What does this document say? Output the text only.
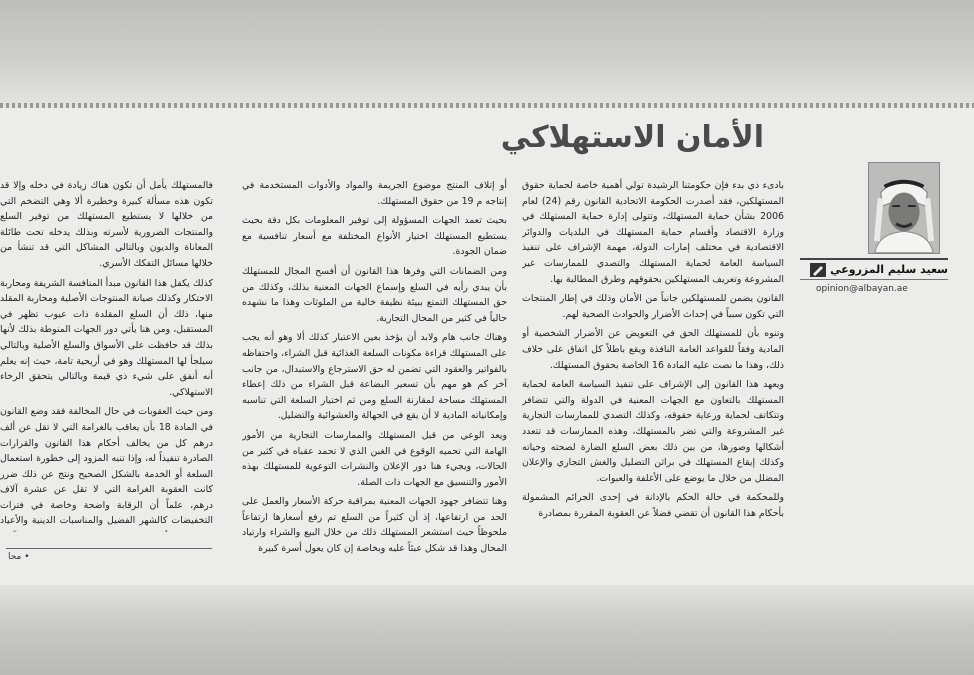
الأمان الاستهلاكي
سعيد سليم المزروعي

opinion@albayan.ae

بادىء ذي بدء فإن حكومتنا الرشيدة تولي أهمية خاصة لحماية حقوق المستهلكين، فقد أصدرت الحكومة الاتحادية القانون رقم (24) لعام 2006 بشأن حماية المستهلك، وتتولى إدارة حماية المستهلك في وزارة الاقتصاد وأقسام حماية المستهلك في البلديات والدوائر الاقتصادية في مختلف إمارات الدولة، مهمة الإشراف على تنفيذ السياسة العامة لحماية المستهلك والتصدي للممارسات غير المشروعة وتعريف المستهلكين بحقوقهم وطرق المطالبة بها.

القانون يضمن للمستهلكين جانباً من الأمان وذلك في إطار المنتجات التي تكون سبباً في إحداث الأضرار والحوادث الصحية لهم.

وتنوه بأن للمستهلك الحق في التعويض عن الأضرار الشخصية أو المادية وفقاً للقواعد العامة النافذة ويقع باطلاً كل اتفاق على خلاف ذلك، وهذا ما نصت عليه المادة 16 الخاصة بحقوق المستهلك.

ويعهد هذا القانون إلى الإشراف على تنفيذ السياسة العامة لحماية المستهلك بالتعاون مع الجهات المعنية في الدولة والتي تتضافر وتتكاتف لحماية ورعاية حقوقه، وكذلك التصدي للممارسات التجارية غير المشروعة والتي تضر بالمستهلك، وهذه الممارسات قد تتعدد أشكالها وصورها، من بين ذلك بعض السلع الضارة لصحته وحياته وكذلك إيقاع المستهلك في براثن التضليل والغش التجاري والإعلان المضلل من خلال ما يوضع على الأغلفة والعبوات.

وللمحكمة في حالة الحكم بالإدانة في إحدى الجرائم المشمولة بأحكام هذا القانون أن تقضي فضلاً عن العقوبة المقررة بمصادرة

أو إتلاف المنتج موضوع الجريمة والمواد والأدوات المستخدمة في إنتاجه م 19 من حقوق المستهلك.

بحيث تعمد الجهات المسؤولة إلى توفير المعلومات بكل دقة بحيث يستطيع المستهلك اختيار الأنواع المختلفة مع أسعار تنافسية مع ضمان الجودة.

ومن الضمانات التي وفرها هذا القانون أن أفسح المجال للمستهلك بأن يبدي رأيه في السلع وإسماع الجهات المعنية بذلك، وكذلك من حق المستهلك التمتع ببيئة نظيفة خالية من الملوثات وهذا ما نشهده حالياً في كثير من المحال التجارية.

وهناك جانب هام ولابد أن يؤخذ بعين الاعتبار كذلك ألا وهو أنه يجب على المستهلك قراءة مكونات السلعة الغذائية قبل الشراء، واحتفاظه بالفواتير والعقود التي تضمن له حق الاسترجاع والاستبدال، من جانب آخر كم هو مهم بأن تسعير البضاعة قبل الشراء من ذلك إعطاء المستهلك مساحة لمقارنة السلع ومن ثم اختيار السلعة التي تناسبه وإمكانياته المادية لا أن يقع في الجهالة والعشوائية والتضليل.

ويعد الوعي من قبل المستهلك والممارسات التجارية من الأمور الهامة التي تحميه الوقوع في الغبن الذي لا تحمد عقباه في كثير من الحالات، ويجيء هنا دور الإعلان والنشرات التوعوية للمستهلك بهذه الأمور والتنسيق مع الجهات ذات الصلة.

وهنا تتضافر جهود الجهات المعنية بمراقبة حركة الأسعار والعمل على الحد من ارتفاعها، إذ أن كثيراً من السلع تم رفع أسعارها ارتفاعاً ملحوظاً حيث استشعر المستهلك ذلك من خلال البيع والشراء وارتياد المحال وهذا قد شكل عبئاً عليه وبخاصة إن كان يعول أسرة كبيرة

فالمستهلك يأمل أن تكون هناك زيادة في دخله وإلا قد تكون هذه مسألة كبيرة وخطيرة ألا وهي التضخم التي من خلالها لا يستطيع المستهلك من توفير السلع والمنتجات الضرورية لأسرته وبذلك يدخله تحت طائلة المعاناة والديون وبالتالي المشاكل التي قد تنشأ من خلالها مسائل التفكك الأسري.

كذلك يكفل هذا القانون مبدأ المنافسة الشريفة ومحاربة الاحتكار وكذلك صيانة المنتوجات الأصلية ومحاربة المقلد منها، ذلك أن السلع المقلدة ذات عيوب تظهر في المستقبل، ومن هنا يأتي دور الجهات المنوطة بذلك لأنها بذلك قد حافظت على الأسواق والسلع الأصلية وبالتالي سيلجأ لها المستهلك وهو في أريحية تامة، حيث إنه يعلم أنه أنفق على شيء ذي قيمة وبالتالي يتحقق الرخاء الاستهلاكي.

ومن حيث العقوبات في حال المخالفة فقد وضع القانون في المادة 18 بأن يعاقب بالغرامة التي لا تقل عن ألف درهم كل من يخالف أحكام هذا القانون والقرارات الصادرة تنفيذاً له، وإذا تنبه المزود إلى خطورة استعمال السلعة أو الخدمة بالشكل الصحيح ونتج عن ذلك ضرر كانت العقوبة الغرامة التي لا تقل عن عشرة آلاف درهم، علماً أن الرقابة واضحة وخاصة في فترات التخفيضات كالشهر الفضيل والمناسبات الدينية والأعياد

• محا
